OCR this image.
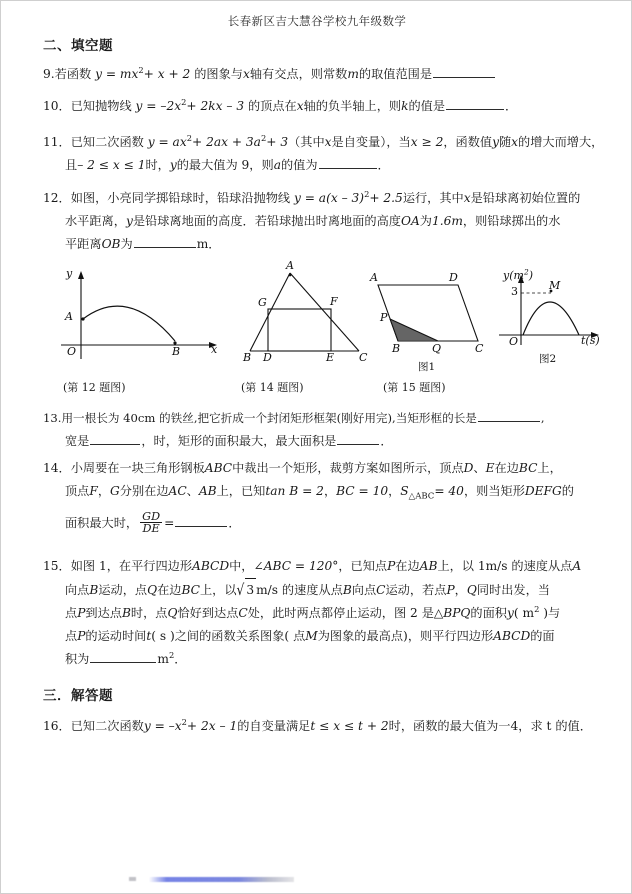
长春新区吉大慧谷学校九年级数学
二、填空题
9.若函数 $y = mx^2+ x + 2$ 的图象与x轴有交点，则常数m的取值范围是
10．已知抛物线 $y = -2x^2+ 2kx - 3$ 的顶点在x轴的负半轴上，则k的值是	．
11．已知二次函数 $y = ax^2+ 2ax + 3a^2+ 3$（其中x是自变量），当x ≥ 2，函数值y随x的增大而增大，
且– 2 ≤ x ≤ 1时，y的最大值为 9，则a的值为	．
12．如图，小亮同学掷铅球时，铅球沿抛物线 y = a(x – 3)$^2$+ 2.5运行，其中x是铅球离初始位置的
水平距离，y是铅球离地面的高度．若铅球抛出时离地面的高度OA为1.6m，则铅球掷出的水
平距离OB为	m．
y
x
O
A
B
(第 12 题图)
A
B	C
D	E
F
G
(第 14 题图)
A	D
P
B	Q	C
图1
(第 15 题图)
$y(m^2)$
t(s)
O
M
3
图2
13.用一根长为 40cm 的铁丝,把它折成一个封闭矩形框架(刚好用完),当矩形框的长是	,
宽是	，时，矩形的面积最大，最大面积是	．
14．小周要在一块三角形钢板ABC中裁出一个矩形，裁剪方案如图所示，顶点D、E在边BC上，
顶点F，G分别在边AC、AB上，已知tan B = 2，BC = 10，$S_{\triangle ABC}= 40$，则当矩形DEFG的
面积最大时， $\frac{GD}{DE}$ =	．
15．如图 1，在平行四边形ABCD中，∠ABC = 120°，已知点P在边AB上，以 1m/s 的速度从点A
向点B运动，点Q在边BC上，以√ 3 m/s 的速度从点B向点C运动，若点P，Q同时出发，当
点P到达点B时，点Q恰好到达点C处，此时两点都停止运动，图 2 是△BPQ的面积y( $m^2$ )与
点P的运动时间t( s )之间的函数关系图象( 点M为图象的最高点)，则平行四边形ABCD的面
积为	$m^2$．
三．解答题
16．已知二次函数$y = -x^2+ 2x - 1$的自变量满足t ≤ x ≤ t + 2时，函数的最大值为一4，求 t 的值．
